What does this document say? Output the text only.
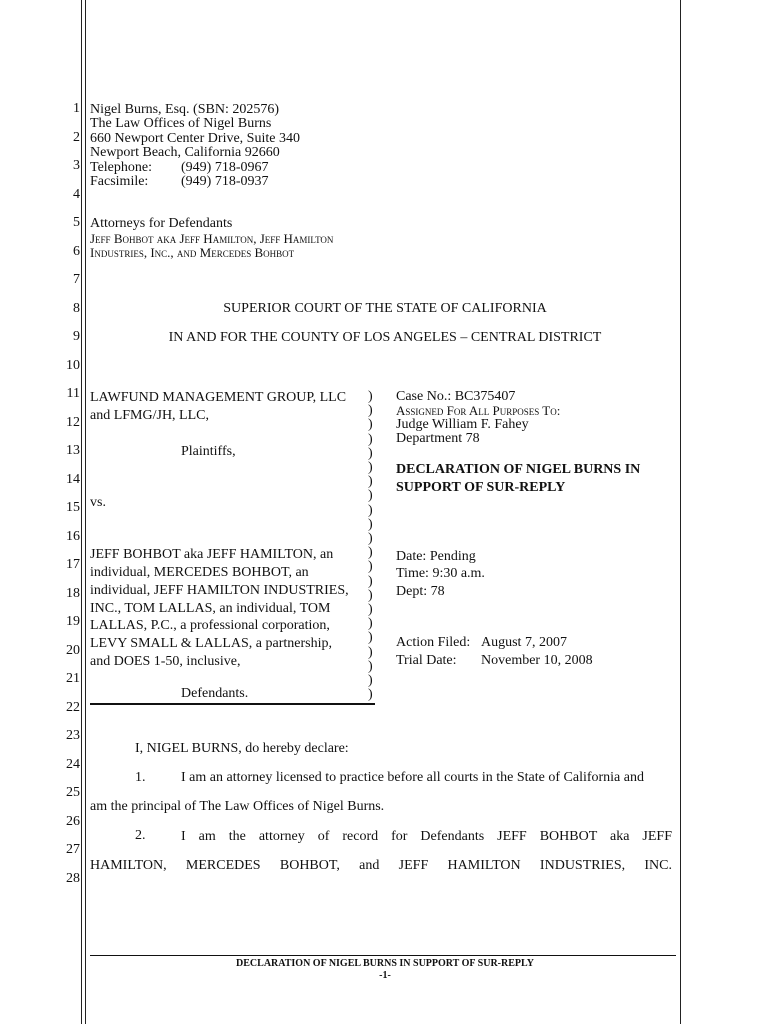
1
2
3
4
5
6
7
8
9
10
11
12
13
14
15
16
17
18
19
20
21
22
23
24
25
26
27
28
Nigel Burns, Esq. (SBN: 202576)
The Law Offices of Nigel Burns
660 Newport Center Drive, Suite 340
Newport Beach, California 92660
Telephone: (949) 718-0967
Facsimile: (949) 718-0937
Attorneys for Defendants
Jeff Bohbot aka Jeff Hamilton, Jeff Hamilton
Industries, Inc., and Mercedes Bohbot
SUPERIOR COURT OF THE STATE OF CALIFORNIA
IN AND FOR THE COUNTY OF LOS ANGELES – CENTRAL DISTRICT
LAWFUND MANAGEMENT GROUP, LLC
and LFMG/JH, LLC,
Plaintiffs,
vs.
JEFF BOHBOT aka JEFF HAMILTON, an
individual, MERCEDES BOHBOT, an
individual, JEFF HAMILTON INDUSTRIES,
INC., TOM LALLAS, an individual, TOM
LALLAS, P.C., a professional corporation,
LEVY SMALL & LALLAS, a partnership,
and DOES 1-50, inclusive,
Defendants.
)
)
)
)
)
)
)
)
)
)
)
)
)
)
)
)
)
)
)
)
)
)
Case No.: BC375407
Assigned For All Purposes To:
Judge William F. Fahey
Department 78
DECLARATION OF NIGEL BURNS IN
SUPPORT OF SUR-REPLY
Date: Pending
Time: 9:30 a.m.
Dept: 78
Action Filed: August 7, 2007
Trial Date: November 10, 2008
I, NIGEL BURNS, do hereby declare:
1.	I am an attorney licensed to practice before all courts in the State of California and
am the principal of The Law Offices of Nigel Burns.
2.	I am the attorney of record for Defendants JEFF BOHBOT aka JEFF
HAMILTON, MERCEDES BOHBOT, and JEFF HAMILTON INDUSTRIES, INC.
DECLARATION OF NIGEL BURNS IN SUPPORT OF SUR-REPLY
-1-
